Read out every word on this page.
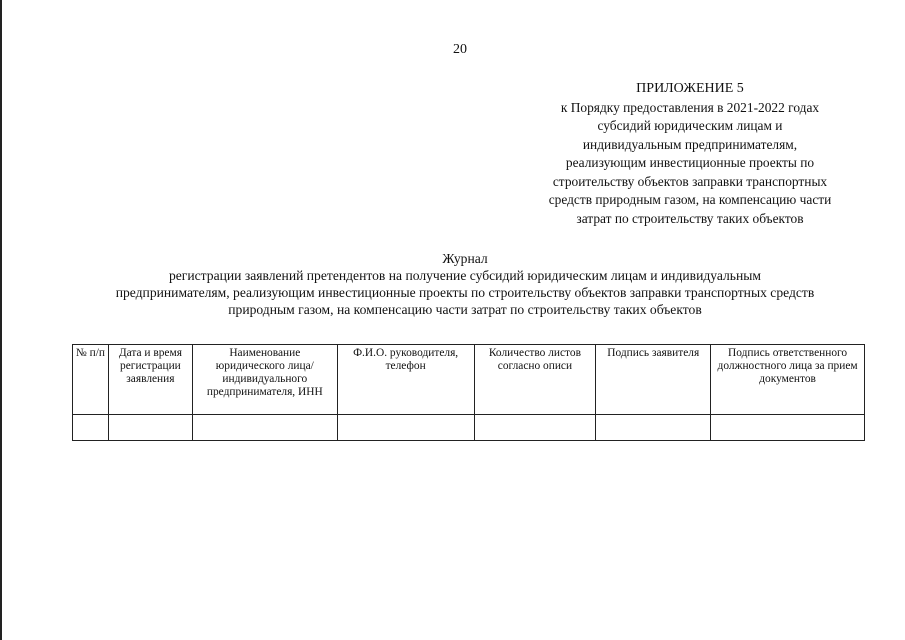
20
ПРИЛОЖЕНИЕ 5
к Порядку предоставления в 2021-2022 годах
субсидий юридическим лицам и
индивидуальным предпринимателям,
реализующим инвестиционные проекты по
строительству объектов заправки транспортных
средств природным газом, на компенсацию части
затрат по строительству таких объектов
Журнал
регистрации заявлений претендентов на получение субсидий юридическим лицам и индивидуальным
предпринимателям, реализующим инвестиционные проекты по строительству объектов заправки транспортных средств
природным газом, на компенсацию части затрат по строительству таких объектов
№ п/п	Дата и время регистрации заявления	Наименование юридического лица/индивидуального предпринимателя, ИНН	Ф.И.О. руководителя, телефон	Количество листов согласно описи	Подпись заявителя	Подпись ответственного должностного лица за прием документов
